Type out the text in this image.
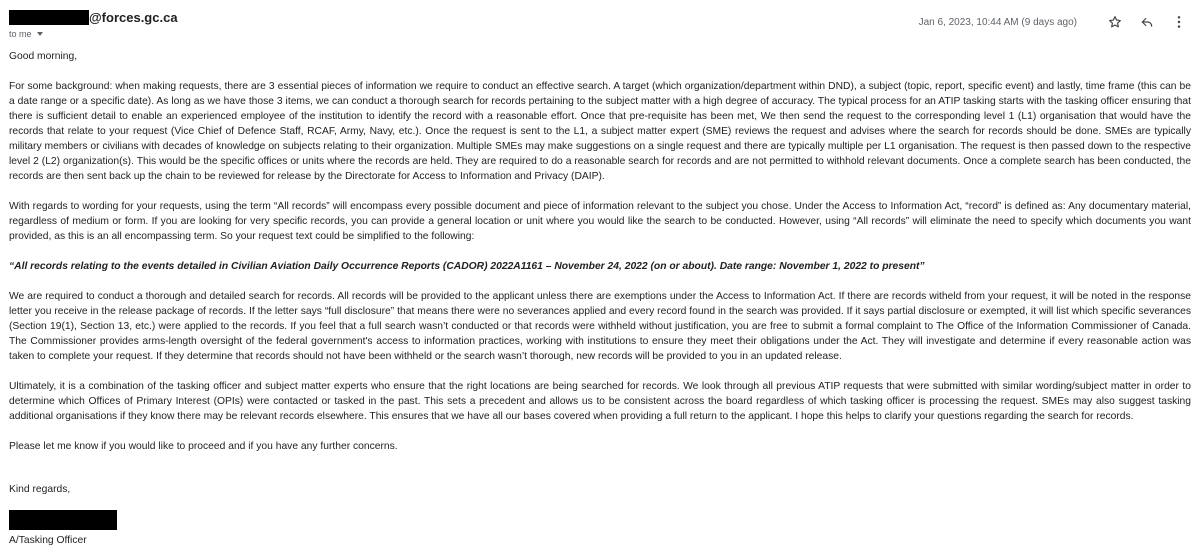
@forces.gc.ca
to me
Jan 6, 2023, 10:44 AM (9 days ago)

Good morning,

For some background: when making requests, there are 3 essential pieces of information we require to conduct an effective search. A target (which organization/department within DND), a subject (topic, report, specific event) and lastly, time frame (this can be a date range or a specific date). As long as we have those 3 items, we can conduct a thorough search for records pertaining to the subject matter with a high degree of accuracy. The typical process for an ATIP tasking starts with the tasking officer ensuring that there is sufficient detail to enable an experienced employee of the institution to identify the record with a reasonable effort. Once that pre-requisite has been met, We then send the request to the corresponding level 1 (L1) organisation that would have the records that relate to your request (Vice Chief of Defence Staff, RCAF, Army, Navy, etc.). Once the request is sent to the L1, a subject matter expert (SME) reviews the request and advises where the search for records should be done. SMEs are typically military members or civilians with decades of knowledge on subjects relating to their organization. Multiple SMEs may make suggestions on a single request and there are typically multiple per L1 organisation. The request is then passed down to the respective level 2 (L2) organization(s). This would be the specific offices or units where the records are held. They are required to do a reasonable search for records and are not permitted to withhold relevant documents. Once a complete search has been conducted, the records are then sent back up the chain to be reviewed for release by the Directorate for Access to Information and Privacy (DAIP).

With regards to wording for your requests, using the term “All records” will encompass every possible document and piece of information relevant to the subject you chose. Under the Access to Information Act, “record” is defined as: Any documentary material, regardless of medium or form. If you are looking for very specific records, you can provide a general location or unit where you would like the search to be conducted. However, using “All records” will eliminate the need to specify which documents you want provided, as this is an all encompassing term. So your request text could be simplified to the following:

“All records relating to the events detailed in Civilian Aviation Daily Occurrence Reports (CADOR) 2022A1161 – November 24, 2022 (on or about). Date range: November 1, 2022 to present”

We are required to conduct a thorough and detailed search for records. All records will be provided to the applicant unless there are exemptions under the Access to Information Act. If there are records witheld from your request, it will be noted in the response letter you receive in the release package of records. If the letter says “full disclosure” that means there were no severances applied and every record found in the search was provided. If it says partial disclosure or exempted, it will list which specific severances (Section 19(1), Section 13, etc.) were applied to the records. If you feel that a full search wasn’t conducted or that records were withheld without justification, you are free to submit a formal complaint to The Office of the Information Commissioner of Canada. The Commissioner provides arms-length oversight of the federal government's access to information practices, working with institutions to ensure they meet their obligations under the Act. They will investigate and determine if every reasonable action was taken to complete your request. If they determine that records should not have been withheld or the search wasn’t thorough, new records will be provided to you in an updated release.

Ultimately, it is a combination of the tasking officer and subject matter experts who ensure that the right locations are being searched for records. We look through all previous ATIP requests that were submitted with similar wording/subject matter in order to determine which Offices of Primary Interest (OPIs) were contacted or tasked in the past. This sets a precedent and allows us to be consistent across the board regardless of which tasking officer is processing the request. SMEs may also suggest tasking additional organisations if they know there may be relevant records elsewhere. This ensures that we have all our bases covered when providing a full return to the applicant. I hope this helps to clarify your questions regarding the search for records.

Please let me know if you would like to proceed and if you have any further concerns.

Kind regards,
A/Tasking Officer
